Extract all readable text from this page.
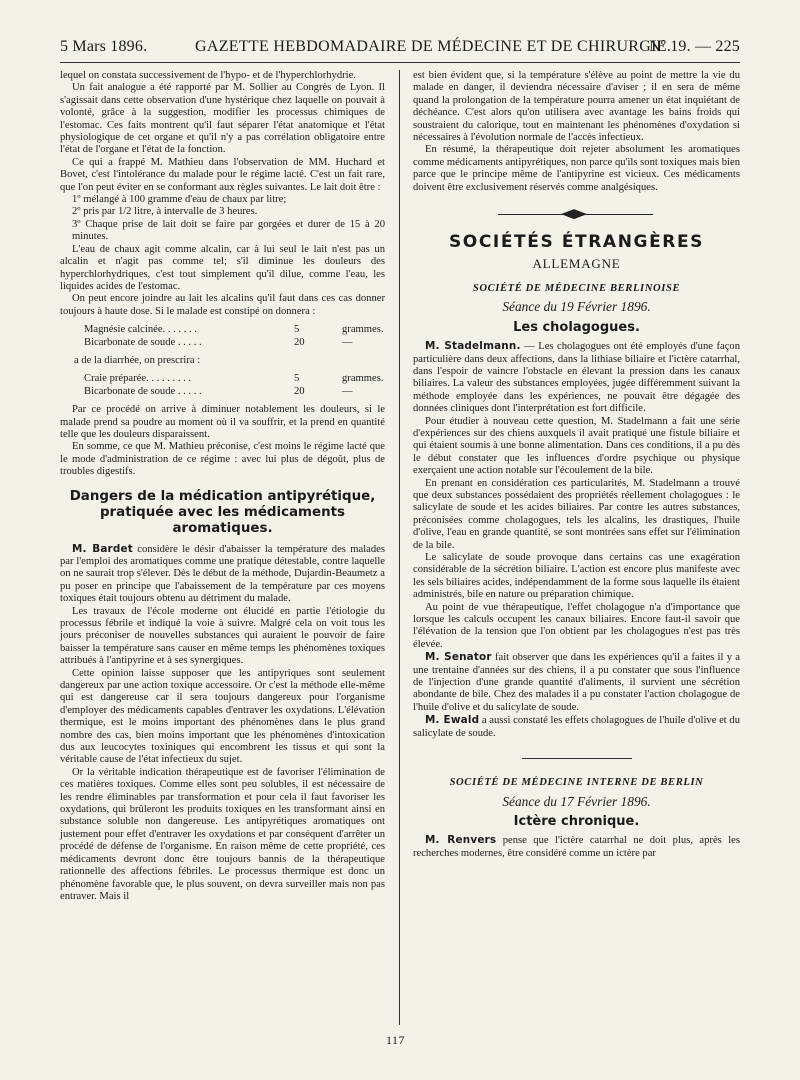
5 Mars 1896.	GAZETTE HEBDOMADAIRE DE MÉDECINE ET DE CHIRURGIE.
Nº 19. — 225

lequel on constata successivement de l'hypo- et de l'hyperchlorhydrie.

Un fait analogue a été rapporté par M. Sollier au Congrès de Lyon. Il s'agissait dans cette observation d'une hystérique chez laquelle on pouvait à volonté, grâce à la suggestion, modifier les processus chimiques de l'estomac. Ces faits montrent qu'il faut séparer l'état anatomique et l'état physiologique de cet organe et qu'il n'y a pas corrélation obligatoire entre l'état de l'organe et l'état de la fonction.

Ce qui a frappé M. Mathieu dans l'observation de MM. Huchard et Bovet, c'est l'intolérance du malade pour le régime lacté. C'est un fait rare, que l'on peut éviter en se conformant aux règles suivantes. Le lait doit être :

1º mélangé à 100 gramme d'eau de chaux par litre;

2º pris par 1/2 litre, à intervalle de 3 heures.

3º Chaque prise de lait doit se faire par gorgées et durer de 15 à 20 minutes.

L'eau de chaux agit comme alcalin, car à lui seul le lait n'est pas un alcalin et n'agit pas comme tel; s'il diminue les douleurs des hyperchlorhydriques, c'est tout simplement qu'il dilue, comme l'eau, les liquides acides de l'estomac.

On peut encore joindre au lait les alcalins qu'il faut dans ces cas donner toujours à haute dose. Si le malade est constipé on donnera :

Magnésie calcinée. . . . . . .	5	grammes.
Bicarbonate de soude . . . . .	20	—

a de la diarrhée, on prescrira :

Craie préparée. . . . . . . . .	5	grammes.
Bicarbonate de soude . . . . .	20	—

Par ce procédé on arrive à diminuer notablement les douleurs, si le malade prend sa poudre au moment où il va souffrir, et la prend en quantité telle que les douleurs disparaissent.

En somme, ce que M. Mathieu préconise, c'est moins le régime lacté que le mode d'administration de ce régime : avec lui plus de dégoût, plus de troubles digestifs.

Dangers de la médication antipyrétique, pratiquée avec les médicaments aromatiques.

M. Bardet considère le désir d'abaisser la température des malades par l'emploi des aromatiques comme une pratique détestable, contre laquelle on ne saurait trop s'élever. Dès le début de la méthode, Dujardin-Beaumetz a pu poser en principe que l'abaissement de la température par ces moyens toxiques était toujours obtenu au détriment du malade.

Les travaux de l'école moderne ont élucidé en partie l'étiologie du processus fébrile et indiqué la voie à suivre. Malgré cela on voit tous les jours préconiser de nouvelles substances qui auraient le pouvoir de faire baisser la température sans causer en même temps les phénomènes toxiques attribués à l'antipyrine et à ses synergiques.

Cette opinion laisse supposer que les antipyriques sont seulement dangereux par une action toxique accessoire. Or c'est la méthode elle-même qui est dangereuse car il sera toujours dangereux pour l'organisme d'employer des médicaments capables d'entraver les oxydations. L'élévation thermique, est le moins important des phénomènes dans le plus grand nombre des cas, bien moins important que les phénomènes d'intoxication dus aux leucocytes toxiniques qui encombrent les tissus et qui sont la véritable cause de l'état infectieux du sujet.

Or la véritable indication thérapeutique est de favoriser l'élimination de ces matières toxiques. Comme elles sont peu solubles, il est nécessaire de les rendre éliminables par transformation et pour cela il faut favoriser les oxydations, qui brûleront les produits toxiques en les transformant ainsi en substance soluble non dangereuse. Les antipyrétiques aromatiques ont justement pour effet d'entraver les oxydations et par conséquent d'arrêter un procédé de défense de l'organisme. En raison même de cette propriété, ces médicaments devront donc être toujours bannis de la thérapeutique rationnelle des affections fébriles. Le processus thermique est donc un phénomène favorable que, le plus souvent, on devra surveiller mais non pas entraver. Mais il

est bien évident que, si la température s'élève au point de mettre la vie du malade en danger, il deviendra nécessaire d'aviser ; il en sera de même quand la prolongation de la température pourra amener un état inquiétant de déchéance. C'est alors qu'on utilisera avec avantage les bains froids qui soustraient du calorique, tout en maintenant les phénomènes d'oxydation si nécessaires à l'évolution normale de l'accès infectieux.

En résumé, la thérapeutique doit rejeter absolument les aromatiques comme médicaments antipyrétiques, non parce qu'ils sont toxiques mais bien parce que le principe même de l'antipyrine est vicieux. Ces médicaments doivent être exclusivement réservés comme analgésiques.

SOCIÉTÉS ÉTRANGÈRES
ALLEMAGNE
SOCIÉTÉ DE MÉDECINE BERLINOISE
Séance du 19 Février 1896.
Les cholagogues.

M. Stadelmann. — Les cholagogues ont été employés d'une façon particulière dans deux affections, dans la lithiase biliaire et l'ictère catarrhal, dans l'espoir de vaincre l'obstacle en élevant la pression dans les canaux biliaires. La valeur des substances employées, jugée différemment suivant la méthode employée dans les expériences, ne pouvait être dégagée des données cliniques dont l'interprétation est fort difficile.

Pour étudier à nouveau cette question, M. Stadelmann a fait une série d'expériences sur des chiens auxquels il avait pratiqué une fistule biliaire et qui étaient soumis à une bonne alimentation. Dans ces conditions, il a pu dès le début constater que les influences d'ordre psychique ou physique exerçaient une action notable sur l'écoulement de la bile.

En prenant en considération ces particularités, M. Stadelmann a trouvé que deux substances possédaient des propriétés réellement cholagogues : le salicylate de soude et les acides biliaires. Par contre les autres substances, préconisées comme cholagogues, tels les alcalins, les drastiques, l'huile d'olive, l'eau en grande quantité, se sont montrées sans effet sur l'élimination de la bile.

Le salicylate de soude provoque dans certains cas une exagération considérable de la sécrétion biliaire. L'action est encore plus manifeste avec les sels biliaires acides, indépendamment de la forme sous laquelle ils étaient administrés, bile en nature ou préparation chimique.

Au point de vue thérapeutique, l'effet cholagogue n'a d'importance que lorsque les calculs occupent les canaux biliaires. Encore faut-il savoir que l'élévation de la tension que l'on obtient par les cholagogues n'est pas très élevée.

M. Senator fait observer que dans les expériences qu'il a faites il y a une trentaine d'années sur des chiens, il a pu constater que sous l'influence de l'injection d'une grande quantité d'aliments, il survient une sécrétion abondante de bile. Chez des malades il a pu constater l'action cholagogue de l'huile d'olive et du salicylate de soude.

M. Ewald a aussi constaté les effets cholagogues de l'huile d'olive et du salicylate de soude.

SOCIÉTÉ DE MÉDECINE INTERNE DE BERLIN
Séance du 17 Février 1896.
Ictère chronique.

M. Renvers pense que l'ictère catarrhal ne doit plus, après les recherches modernes, être considéré comme un ictère par

117
